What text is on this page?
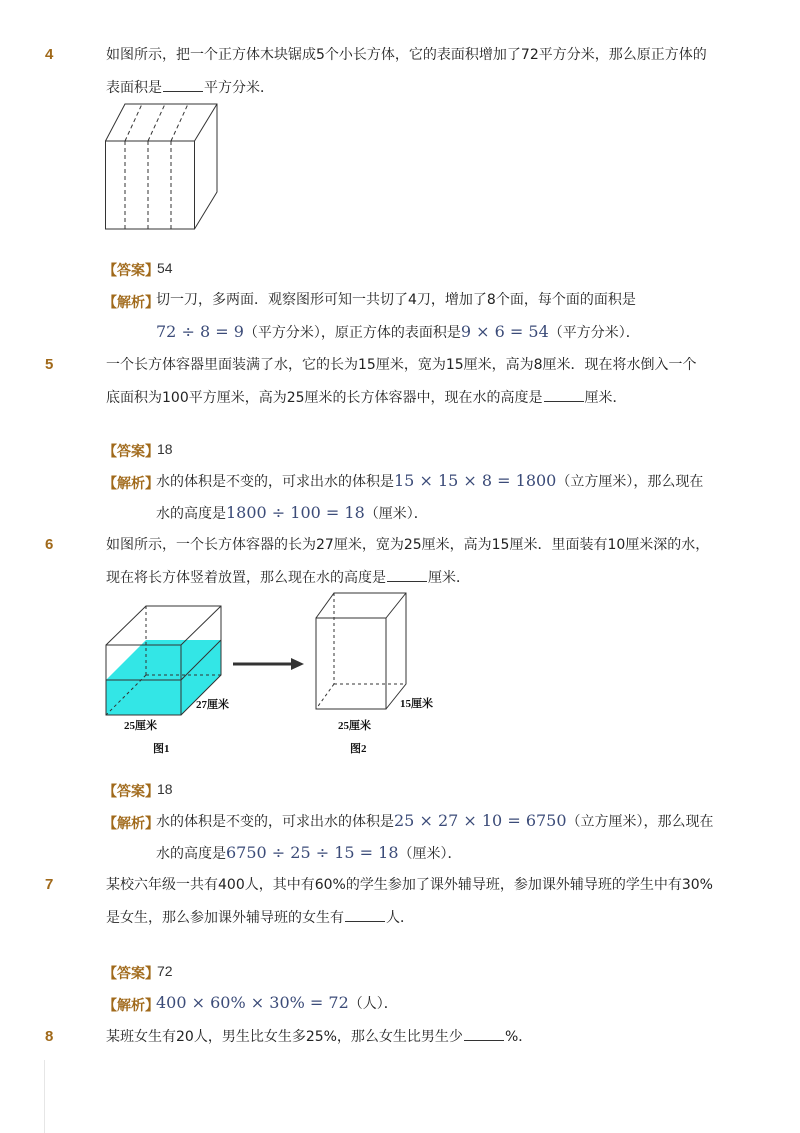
4	如图所示，把一个正方体木块锯成5个小长方体，它的表面积增加了72平方分米，那么原正方体的
表面积是	平方分米．
【答案】
54
【解析】
切一刀，多两面．观察图形可知一共切了4刀，增加了8个面，每个面的面积是
72 ÷ 8 = 9（平方分米），原正方体的表面积是9 × 6 = 54（平方分米）．
5	一个长方体容器里面装满了水，它的长为15厘米，宽为15厘米，高为8厘米．现在将水倒入一个
底面积为100平方厘米，高为25厘米的长方体容器中，现在水的高度是	厘米．
【答案】
18
【解析】
水的体积是不变的，可求出水的体积是15 × 15 × 8 = 1800（立方厘米），那么现在
水的高度是1800 ÷ 100 = 18（厘米）．
6	如图所示，一个长方体容器的长为27厘米，宽为25厘米，高为15厘米．里面装有10厘米深的水，
现在将长方体竖着放置，那么现在水的高度是	厘米．
25厘米
27厘米
图1
15厘米
25厘米
图2
【答案】
18
【解析】
水的体积是不变的，可求出水的体积是25 × 27 × 10 = 6750（立方厘米），那么现在
水的高度是6750 ÷ 25 ÷ 15 = 18（厘米）．
7	某校六年级一共有400人，其中有60%的学生参加了课外辅导班，参加课外辅导班的学生中有30%
是女生，那么参加课外辅导班的女生有	人．
【答案】
72
【解析】
400 × 60% × 30% = 72（人）．
8	某班女生有20人，男生比女生多25%，那么女生比男生少	%．
